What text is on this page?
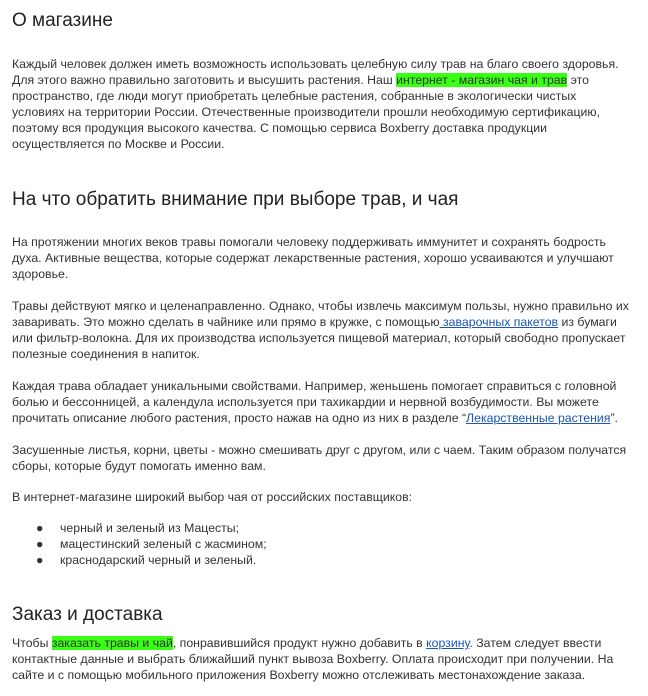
О магазине

Каждый человек должен иметь возможность использовать целебную силу трав на благо своего здоровья. Для этого важно правильно заготовить и высушить растения. Наш интернет - магазин чая и трав это пространство, где люди могут приобретать целебные растения, собранные в экологически чистых условиях на территории России. Отечественные производители прошли необходимую сертификацию, поэтому вся продукция высокого качества. С помощью сервиса Boxberry доставка продукции осуществляется по Москве и России.

На что обратить внимание при выборе трав, и чая

На протяжении многих веков травы помогали человеку поддерживать иммунитет и сохранять бодрость духа. Активные вещества, которые содержат лекарственные растения, хорошо усваиваются и улучшают здоровье.

Травы действуют мягко и целенаправленно. Однако, чтобы извлечь максимум пользы, нужно правильно их заваривать. Это можно сделать в чайнике или прямо в кружке, с помощью заварочных пакетов из бумаги или фильтр-волокна. Для их производства используется пищевой материал, который свободно пропускает полезные соединения в напиток.

Каждая трава обладает уникальными свойствами. Например, женьшень помогает справиться с головной болью и бессонницей, а календула используется при тахикардии и нервной возбудимости. Вы можете прочитать описание любого растения, просто нажав на одно из них в разделе “Лекарственные растения”.

Засушенные листья, корни, цветы - можно смешивать друг с другом, или с чаем. Таким образом получатся сборы, которые будут помогать именно вам.

В интернет-магазине широкий выбор чая от российских поставщиков:

● черный и зеленый из Мацесты;
● мацестинский зеленый с жасмином;
● краснодарский черный и зеленый.
Заказ и доставка

Чтобы заказать травы и чай, понравившийся продукт нужно добавить в корзину. Затем следует ввести контактные данные и выбрать ближайший пункт вывоза Boxberry. Оплата происходит при получении. На сайте и с помощью мобильного приложения Boxberry можно отслеживать местонахождение заказа.
